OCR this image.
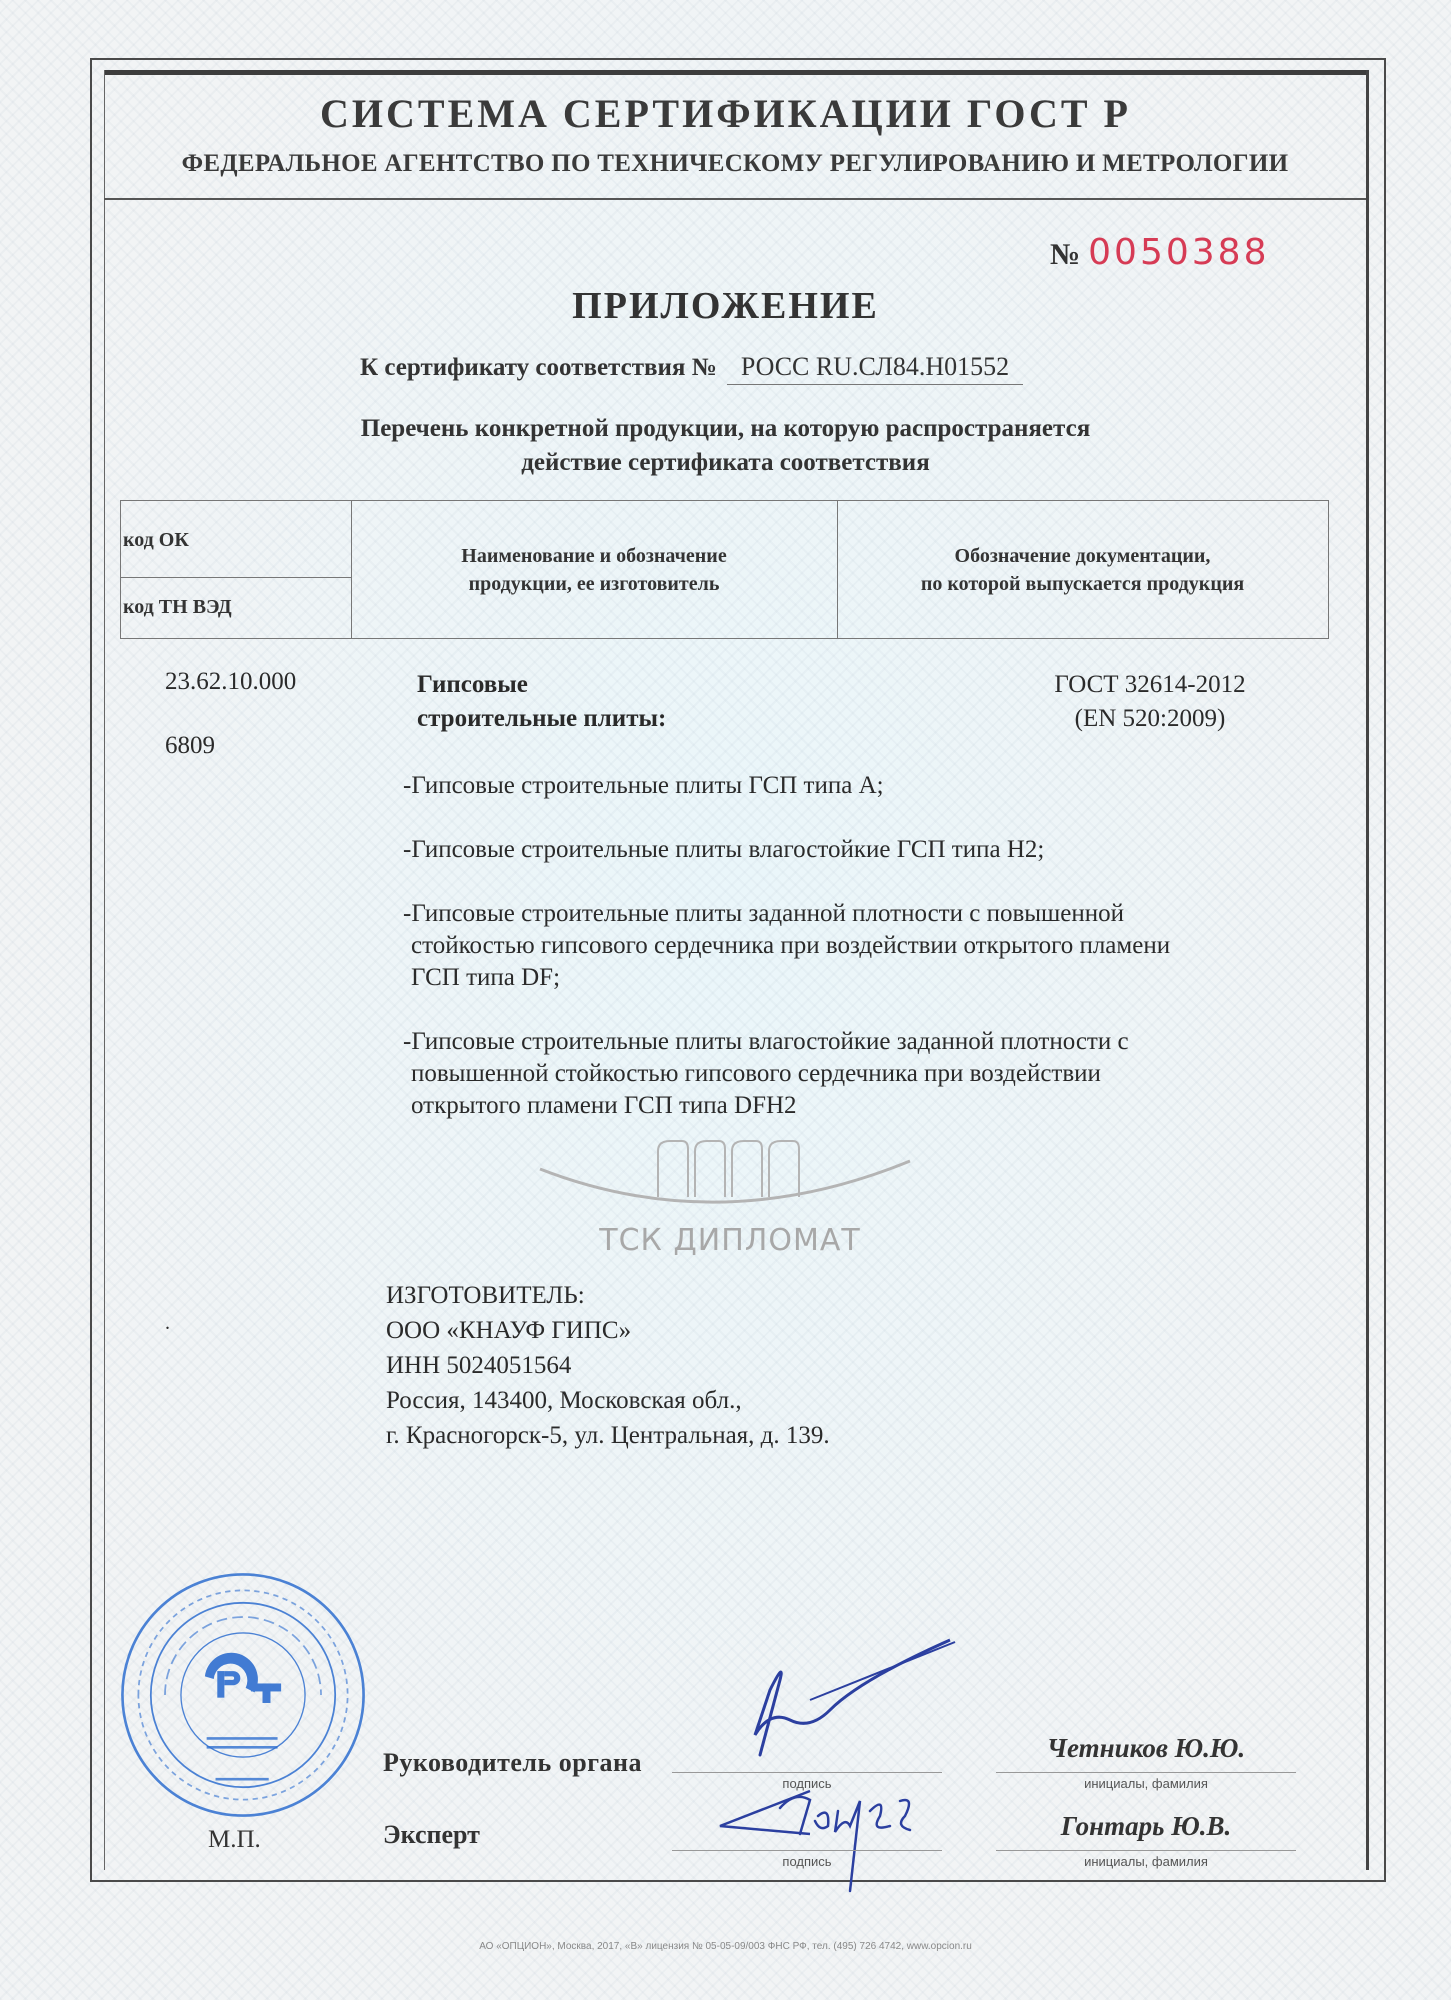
СИСТЕМА СЕРТИФИКАЦИИ ГОСТ Р
ФЕДЕРАЛЬНОЕ АГЕНТСТВО ПО ТЕХНИЧЕСКОМУ РЕГУЛИРОВАНИЮ И МЕТРОЛОГИИ
№ 0050388
ПРИЛОЖЕНИЕ
К сертификату соответствия № РОСС RU.СЛ84.Н01552
Перечень конкретной продукции, на которую распространяется
действие сертификата соответствия
код ОК
код ТН ВЭД
Наименование и обозначение
продукции, ее изготовитель
Обозначение документации,
по которой выпускается продукция
23.62.10.000
6809
Гипсовые
строительные плиты:
ГОСТ 32614-2012
(EN 520:2009)
-Гипсовые строительные плиты ГСП типа А;
-Гипсовые строительные плиты влагостойкие ГСП типа Н2;
-Гипсовые строительные плиты заданной плотности с повышенной
стойкостью гипсового сердечника при воздействии открытого пламени
ГСП типа DF;
-Гипсовые строительные плиты влагостойкие заданной плотности с
повышенной стойкостью гипсового сердечника при воздействии
открытого пламени ГСП типа DFH2
ТСК ДИПЛОМАТ
.
ИЗГОТОВИТЕЛЬ:
ООО «КНАУФ ГИПС»
ИНН 5024051564
Россия, 143400, Московская обл.,
г. Красногорск-5, ул. Центральная, д. 139.
М.П.
Руководитель органа
Эксперт
подпись
подпись
Четников Ю.Ю.
инициалы, фамилия
Гонтарь Ю.В.
инициалы, фамилия
АО «ОПЦИОН», Москва, 2017, «В» лицензия № 05-05-09/003 ФНС РФ, тел. (495) 726 4742, www.opcion.ru
